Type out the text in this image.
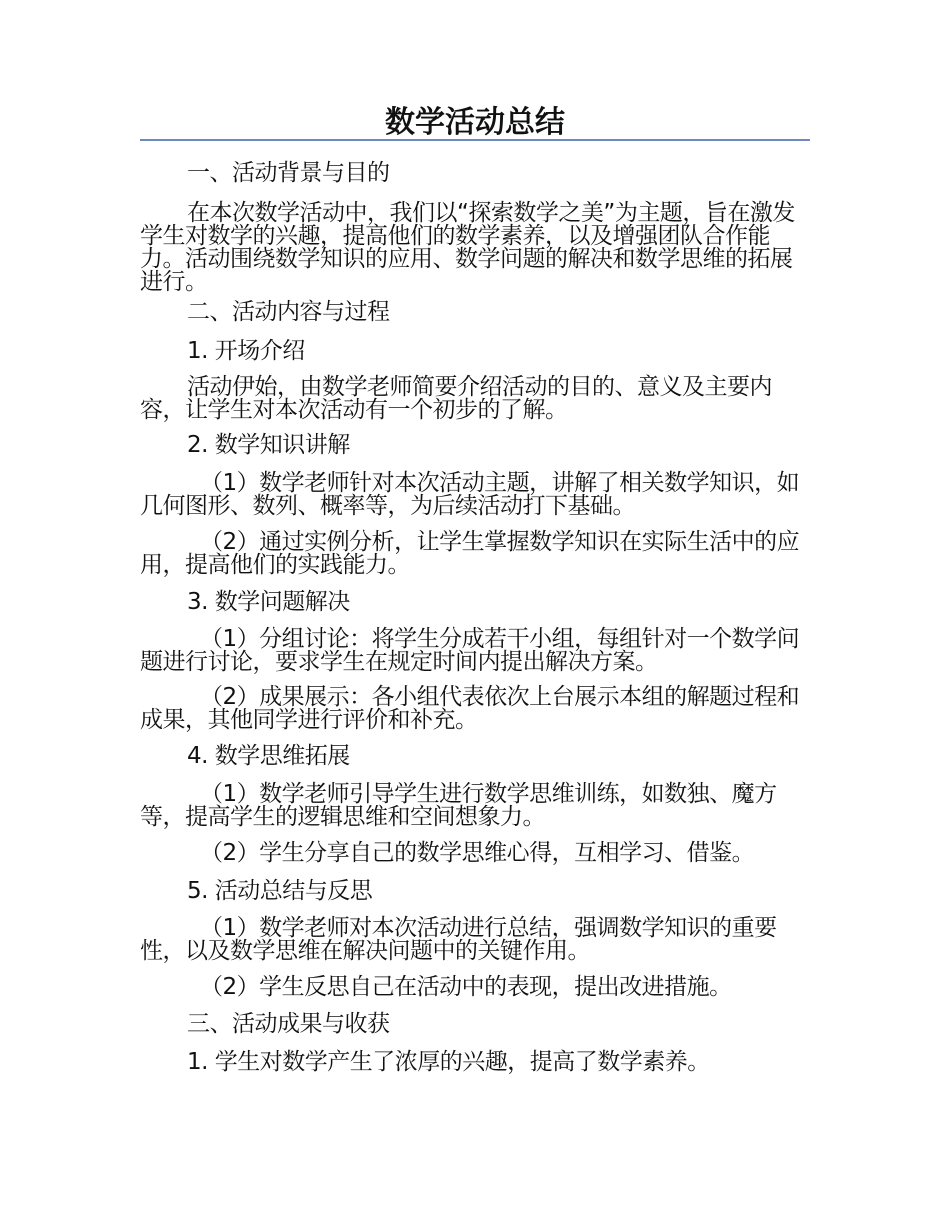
数学活动总结
一、活动背景与目的
在本次数学活动中，我们以“探索数学之美”为主题，旨在激发学生对数学的兴趣，提高他们的数学素养，以及增强团队合作能力。活动围绕数学知识的应用、数学问题的解决和数学思维的拓展进行。
二、活动内容与过程
1. 开场介绍
活动伊始，由数学老师简要介绍活动的目的、意义及主要内容，让学生对本次活动有一个初步的了解。
2. 数学知识讲解
（1）数学老师针对本次活动主题，讲解了相关数学知识，如几何图形、数列、概率等，为后续活动打下基础。
（2）通过实例分析，让学生掌握数学知识在实际生活中的应用，提高他们的实践能力。
3. 数学问题解决
（1）分组讨论：将学生分成若干小组，每组针对一个数学问题进行讨论，要求学生在规定时间内提出解决方案。
（2）成果展示：各小组代表依次上台展示本组的解题过程和成果，其他同学进行评价和补充。
4. 数学思维拓展
（1）数学老师引导学生进行数学思维训练，如数独、魔方等，提高学生的逻辑思维和空间想象力。
（2）学生分享自己的数学思维心得，互相学习、借鉴。
5. 活动总结与反思
（1）数学老师对本次活动进行总结，强调数学知识的重要性，以及数学思维在解决问题中的关键作用。
（2）学生反思自己在活动中的表现，提出改进措施。
三、活动成果与收获
1. 学生对数学产生了浓厚的兴趣，提高了数学素养。
